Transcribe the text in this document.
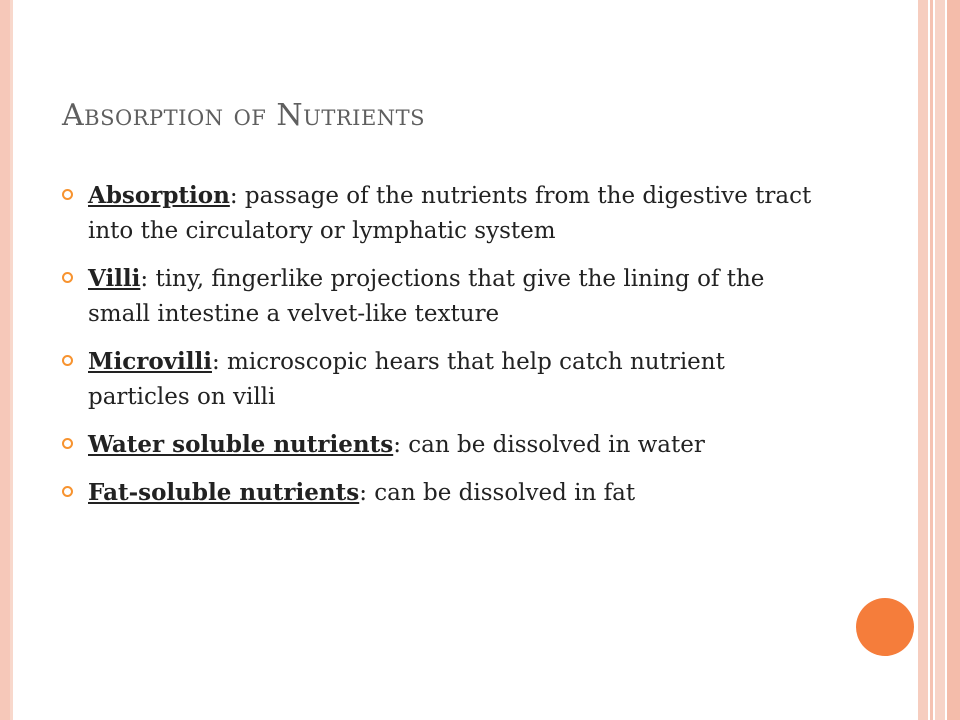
Absorption of Nutrients
Absorption: passage of the nutrients from the digestive tract into the circulatory or lymphatic system
Villi: tiny, fingerlike projections that give the lining of the small intestine a velvet-like texture
Microvilli: microscopic hears that help catch nutrient particles on villi
Water soluble nutrients: can be dissolved in water
Fat-soluble nutrients: can be dissolved in fat
